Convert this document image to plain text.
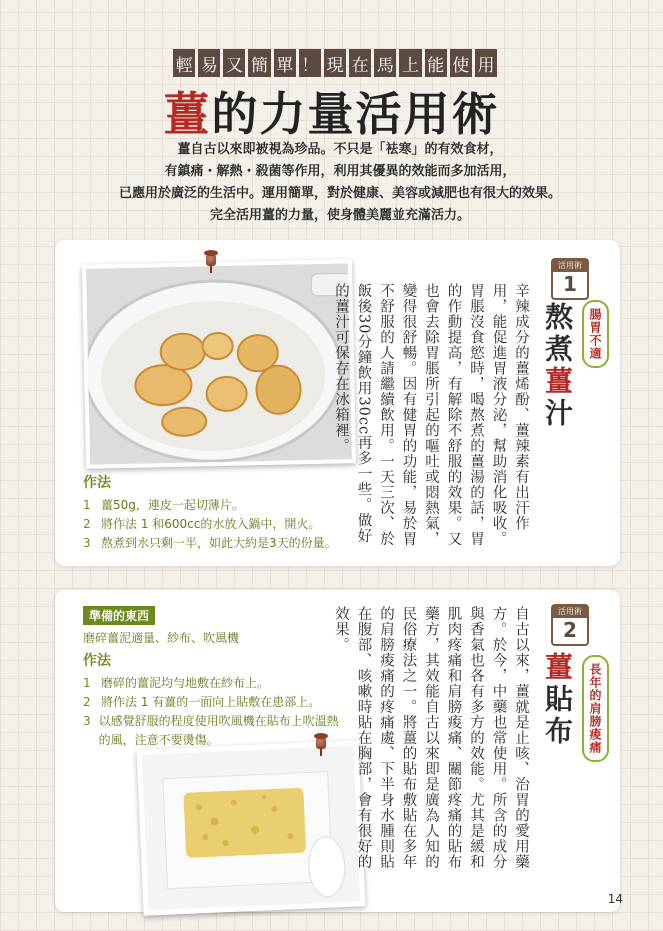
輕 易 又 簡 單 ！ 現 在 馬 上 能 使 用
薑的力量活用術
薑自古以來即被視為珍品。不只是「袪寒」的有效食材，
有鎮痛・解熱・殺菌等作用，利用其優異的效能而多加活用，
已應用於廣泛的生活中。運用簡單，對於健康、美容或減肥也有很大的效果。
完全活用薑的力量，使身體美麗並充滿活力。
活用術
1
熬煮薑汁
腸胃不適
辛辣成分的薑烯酚、薑辣素有出汗作用，能促進胃液分泌，幫助消化吸收。胃脹沒食慾時，喝熬煮的薑湯的話，胃的作動提高，有解除不舒服的效果。又也會去除胃脹所引起的嘔吐或悶熱氣，變得很舒暢。因有健胃的功能，易於胃不舒服的人請繼續飲用。一天三次、於飯後30分鐘飲用30cc再多一些。做好的薑汁可保存在冰箱裡。
作法
1 薑50g，連皮一起切薄片。
2 將作法 1 和600cc的水放入鍋中，開火。
3 熬煮到水只剩一半，如此大約是3天的份量。
準備的東西
磨碎薑泥適量、紗布、吹風機
作法
1 磨碎的薑泥均勻地敷在紗布上。
2 將作法 1 有薑的一面向上貼敷在患部上。
3 以感覺舒服的程度使用吹風機在貼布上吹溫熱的風，注意不要燙傷。
活用術
2
薑貼布	長年的肩膀痠痛
自古以來，薑就是止咳、治胃的愛用藥方。於今，中藥也常使用。所含的成分與香氣也各有多方的效能。尤其是緩和肌肉疼痛和肩膀痠痛、關節疼痛的貼布藥方，其效能自古以來即是廣為人知的民俗療法之一。將薑的貼布敷貼在多年的肩膀痠痛的疼痛處、下半身水腫則貼在腹部、咳嗽時貼在胸部，會有很好的效果。
14
